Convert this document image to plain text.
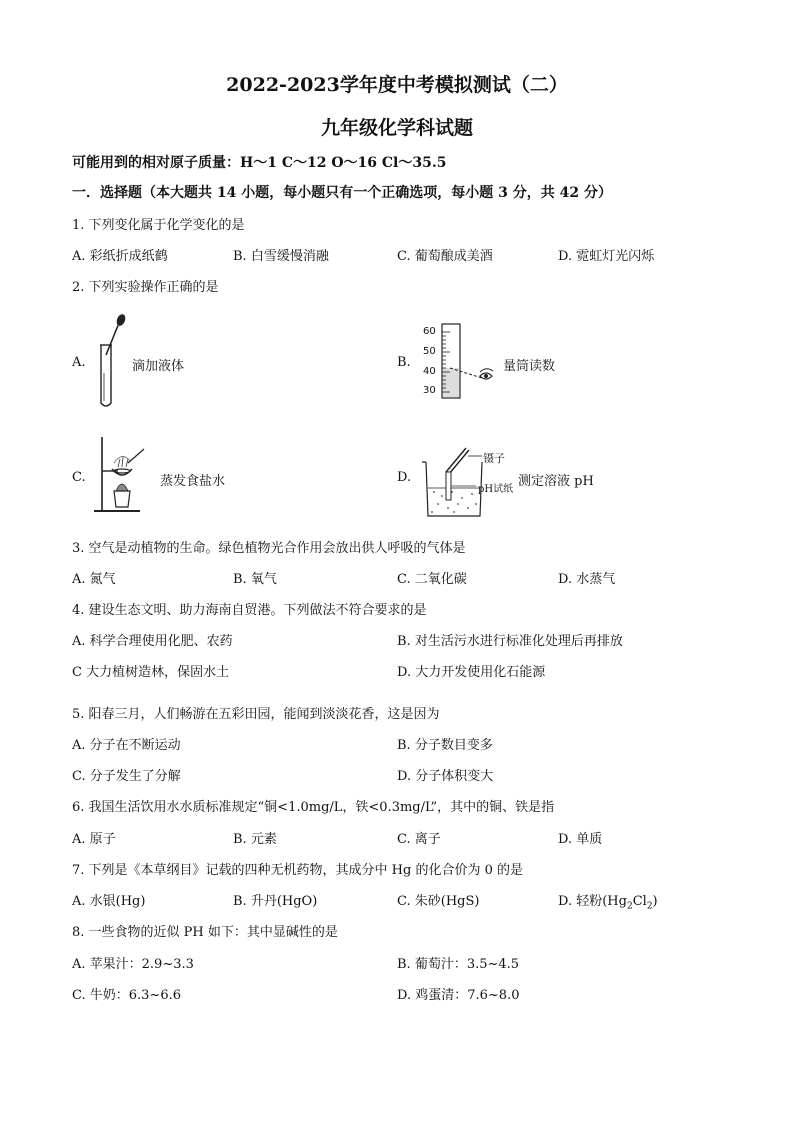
2022-2023学年度中考模拟测试（二）
九年级化学科试题
可能用到的相对原子质量：H～1 C～12 O～16 Cl～35.5
一．选择题（本大题共 14 小题，每小题只有一个正确选项，每小题 3 分，共 42 分）
1. 下列变化属于化学变化的是
A. 彩纸折成纸鹤	B. 白雪缓慢消融	C. 葡萄酿成美酒	D. 霓虹灯光闪烁
2. 下列实验操作正确的是
A.	滴加液体	B.
60
50
40
30
量筒读数
C.	蒸发食盐水	D.
镊子
pH试纸
测定溶液 pH
3. 空气是动植物的生命。绿色植物光合作用会放出供人呼吸的气体是
A. 氮气	B. 氧气	C. 二氧化碳	D. 水蒸气
4. 建设生态文明、助力海南自贸港。下列做法不符合要求的是
A. 科学合理使用化肥、农药	B. 对生活污水进行标准化处理后再排放
C 大力植树造林，保固水土	D. 大力开发使用化石能源
5. 阳春三月，人们畅游在五彩田园，能闻到淡淡花香，这是因为
A. 分子在不断运动	B. 分子数目变多
C. 分子发生了分解	D. 分子体积变大
6. 我国生活饮用水水质标准规定“铜<1.0mg/L，铁<0.3mg/L”，其中的铜、铁是指
A. 原子	B. 元素	C. 离子	D. 单质
7. 下列是《本草纲目》记载的四种无机药物，其成分中 Hg 的化合价为 0 的是
A. 水银(Hg)	B. 升丹(HgO)	C. 朱砂(HgS)	D. 轻粉$(Hg_2Cl_2)$
8. 一些食物的近似 PH 如下：其中显碱性的是
A. 苹果汁：2.9~3.3	B. 葡萄汁：3.5~4.5
C. 牛奶：6.3~6.6	D. 鸡蛋清：7.6~8.0
